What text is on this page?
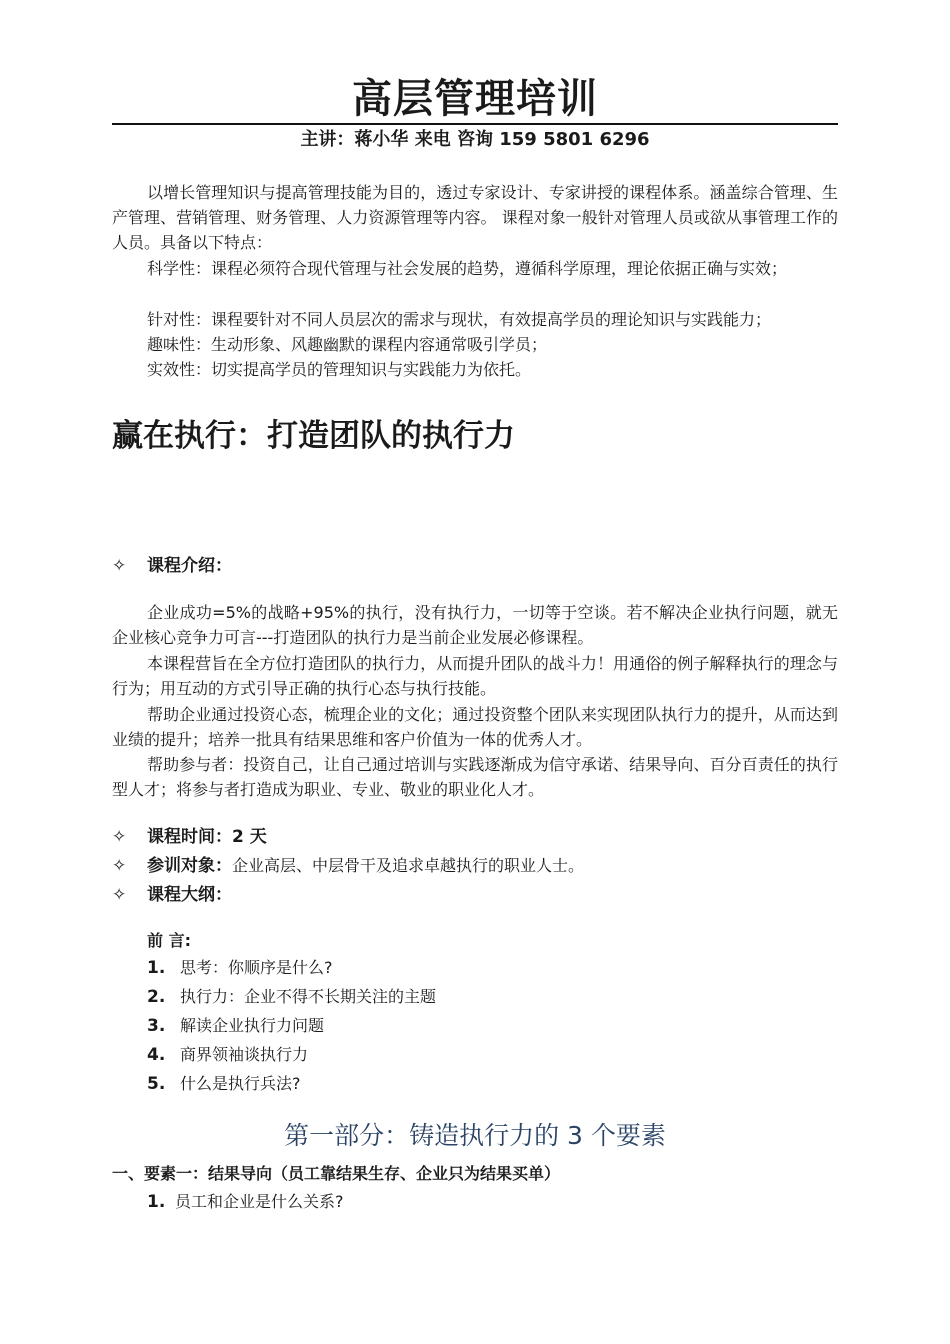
高层管理培训
主讲：蒋小华 来电 咨询 159 5801 6296
以增长管理知识与提高管理技能为目的，透过专家设计、专家讲授的课程体系。涵盖综合管理、生产管理、营销管理、财务管理、人力资源管理等内容。 课程对象一般针对管理人员或欲从事管理工作的人员。具备以下特点：
科学性：课程必须符合现代管理与社会发展的趋势，遵循科学原理，理论依据正确与实效；
针对性：课程要针对不同人员层次的需求与现状，有效提高学员的理论知识与实践能力；
趣味性：生动形象、风趣幽默的课程内容通常吸引学员；
实效性：切实提高学员的管理知识与实践能力为依托。
赢在执行：打造团队的执行力
✧ 课程介绍：
企业成功=5%的战略+95%的执行，没有执行力，一切等于空谈。若不解决企业执行问题，就无企业核心竞争力可言---打造团队的执行力是当前企业发展必修课程。
本课程营旨在全方位打造团队的执行力，从而提升团队的战斗力！用通俗的例子解释执行的理念与行为；用互动的方式引导正确的执行心态与执行技能。
帮助企业通过投资心态，梳理企业的文化；通过投资整个团队来实现团队执行力的提升，从而达到业绩的提升；培养一批具有结果思维和客户价值为一体的优秀人才。
帮助参与者：投资自己，让自己通过培训与实践逐渐成为信守承诺、结果导向、百分百责任的执行型人才；将参与者打造成为职业、专业、敬业的职业化人才。
✧ 课程时间：2 天
✧ 参训对象：企业高层、中层骨干及追求卓越执行的职业人士。
✧ 课程大纲：
前 言:
1. 思考：你顺序是什么?
2. 执行力：企业不得不长期关注的主题
3. 解读企业执行力问题
4. 商界领袖谈执行力
5. 什么是执行兵法?
第一部分：铸造执行力的 3 个要素
一、要素一：结果导向（员工靠结果生存、企业只为结果买单）
1. 员工和企业是什么关系?
